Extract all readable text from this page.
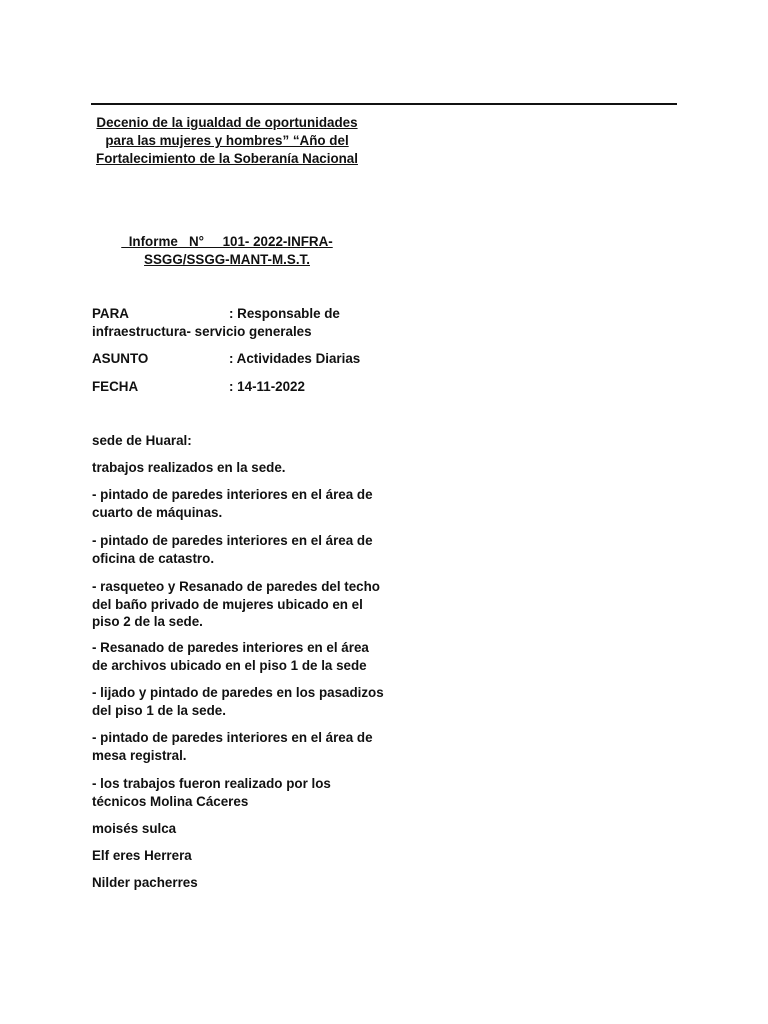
Decenio de la igualdad de oportunidades
para las mujeres y hombres” “Año del
Fortalecimiento de la Soberanía Nacional
Informe   N°     101- 2022-INFRA-
SSGG/SSGG-MANT-M.S.T.
PARA	: Responsable de
infraestructura- servicio generales
ASUNTO	: Actividades Diarias
FECHA	: 14-11-2022
sede de Huaral:
trabajos realizados en la sede.
- pintado de paredes interiores en el área de
cuarto de máquinas.
- pintado de paredes interiores en el área de
oficina de catastro.
- rasqueteo y Resanado de paredes del techo
del baño privado de mujeres ubicado en el
piso 2 de la sede.
- Resanado de paredes interiores en el área
de archivos ubicado en el piso 1 de la sede
- lijado y pintado de paredes en los pasadizos
del piso 1 de la sede.
- pintado de paredes interiores en el área de
mesa registral.
- los trabajos fueron realizado por los
técnicos Molina Cáceres
moisés sulca
Elf eres Herrera
Nilder pacherres
